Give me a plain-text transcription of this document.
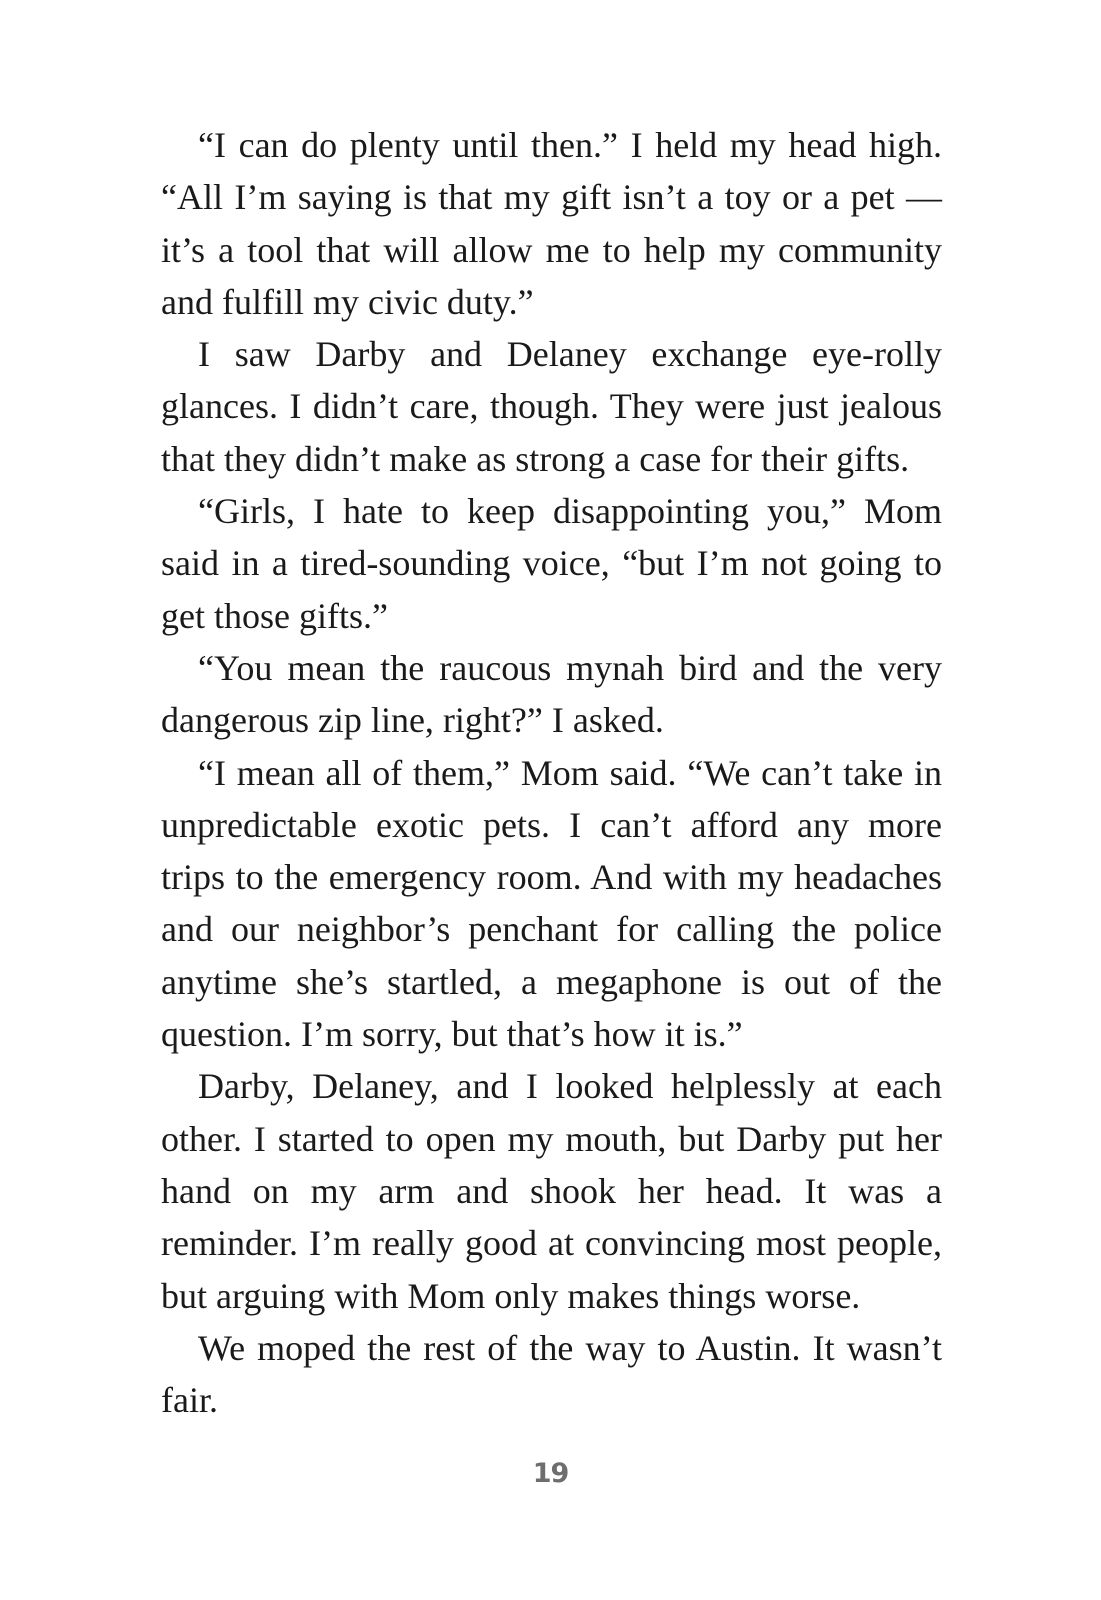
“I can do plenty until then.” I held my head high. “All I’m saying is that my gift isn’t a toy or a pet — it’s a tool that will allow me to help my community and fulfill my civic duty.”

I saw Darby and Delaney exchange eye-rolly glances. I didn’t care, though. They were just jealous that they didn’t make as strong a case for their gifts.

“Girls, I hate to keep disappointing you,” Mom said in a tired-sounding voice, “but I’m not going to get those gifts.”

“You mean the raucous mynah bird and the very dangerous zip line, right?” I asked.

“I mean all of them,” Mom said. “We can’t take in unpredictable exotic pets. I can’t afford any more trips to the emergency room. And with my headaches and our neighbor’s penchant for calling the police anytime she’s startled, a megaphone is out of the question. I’m sorry, but that’s how it is.”

Darby, Delaney, and I looked helplessly at each other. I started to open my mouth, but Darby put her hand on my arm and shook her head. It was a reminder. I’m really good at convincing most people, but arguing with Mom only makes things worse.

We moped the rest of the way to Austin. It wasn’t fair.

19
